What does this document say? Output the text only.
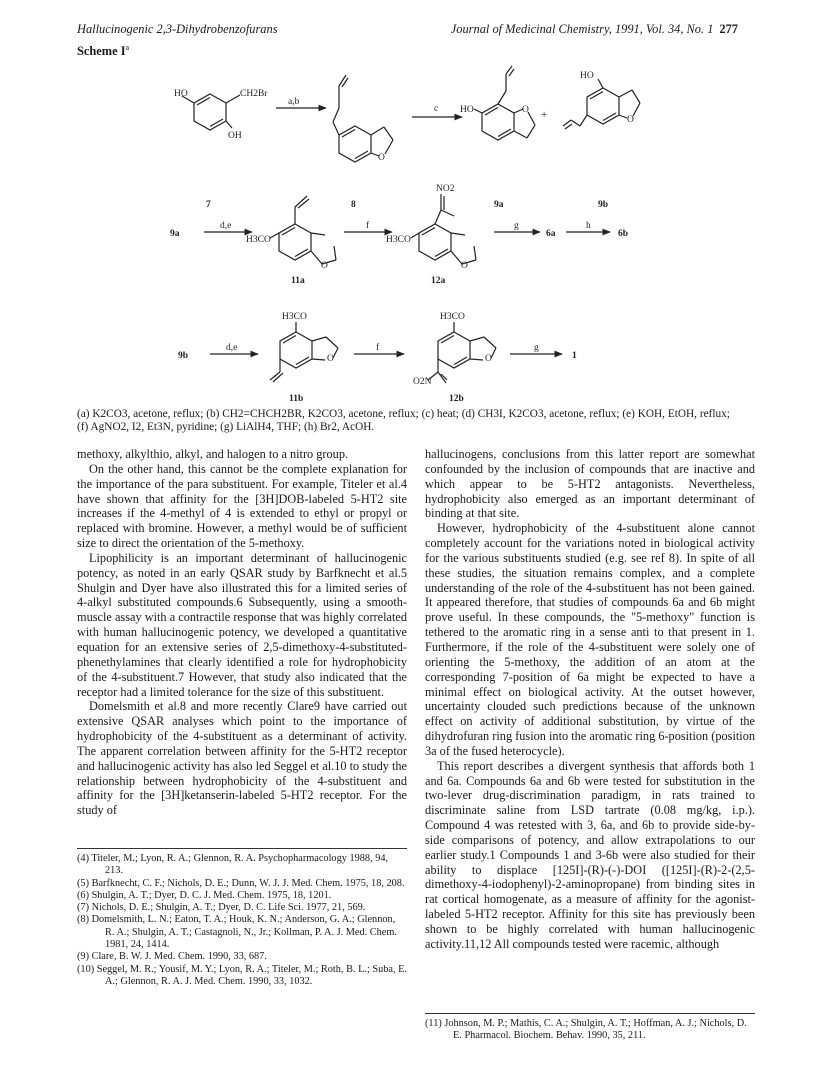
Hallucinogenic 2,3-Dihydrobenzofurans	Journal of Medicinal Chemistry, 1991, Vol. 34, No. 1 277
Scheme $I^a$
HO	CH2Br
OH
a,b
O
c HO	O +
HO
O
7	8	9a	9b
9a
d,e
H3CO
O
f
H3CO
NO2
O
g
6a
h
6b
11a	12a
9b
d,e
H3CO
O
f
H3CO
O
O2N
g
1
11b	12b
(a) K2CO3, acetone, reflux; (b) CH2=CHCH2BR, K2CO3, acetone, reflux; (c) heat; (d) CH3I, K2CO3, acetone, reflux; (e) KOH, EtOH, reflux; (f) AgNO2, I2, Et3N, pyridine; (g) LiAlH4, THF; (h) Br2, AcOH.

methoxy, alkylthio, alkyl, and halogen to a nitro group.

On the other hand, this cannot be the complete explanation for the importance of the para substituent. For example, Titeler et al.4 have shown that affinity for the [3H]DOB-labeled 5-HT2 site increases if the 4-methyl of 4 is extended to ethyl or propyl or replaced with bromine. However, a methyl would be of sufficient size to direct the orientation of the 5-methoxy.

Lipophilicity is an important determinant of hallucinogenic potency, as noted in an early QSAR study by Barfknecht et al.5 Shulgin and Dyer have also illustrated this for a limited series of 4-alkyl substituted compounds.6 Subsequently, using a smooth-muscle assay with a contractile response that was highly correlated with human hallucinogenic potency, we developed a quantitative equation for an extensive series of 2,5-dimethoxy-4-substituted-phenethylamines that clearly identified a role for hydrophobicity of the 4-substituent.7 However, that study also indicated that the receptor had a limited tolerance for the size of this substituent.

Domelsmith et al.8 and more recently Clare9 have carried out extensive QSAR analyses which point to the importance of hydrophobicity of the 4-substituent as a determinant of activity. The apparent correlation between affinity for the 5-HT2 receptor and hallucinogenic activity has also led Seggel et al.10 to study the relationship between hydrophobicity of the 4-substituent and affinity for the [3H]ketanserin-labeled 5-HT2 receptor. For the study of

hallucinogens, conclusions from this latter report are somewhat confounded by the inclusion of compounds that are inactive and which appear to be 5-HT2 antagonists. Nevertheless, hydrophobicity also emerged as an important determinant of binding at that site.

However, hydrophobicity of the 4-substituent alone cannot completely account for the variations noted in biological activity for the various substituents studied (e.g. see ref 8). In spite of all these studies, the situation remains complex, and a complete understanding of the role of the 4-substituent has not been gained. It appeared therefore, that studies of compounds 6a and 6b might prove useful. In these compounds, the "5-methoxy" function is tethered to the aromatic ring in a sense anti to that present in 1. Furthermore, if the role of the 4-substituent were solely one of orienting the 5-methoxy, the addition of an atom at the corresponding 7-position of 6a might be expected to have a minimal effect on biological activity. At the outset however, uncertainty clouded such predictions because of the unknown effect on activity of additional substitution, by virtue of the dihydrofuran ring fusion into the aromatic ring 6-position (position 3a of the fused heterocycle).

This report describes a divergent synthesis that affords both 1 and 6a. Compounds 6a and 6b were tested for substitution in the two-lever drug-discrimination paradigm, in rats trained to discriminate saline from LSD tartrate (0.08 mg/kg, i.p.). Compound 4 was retested with 3, 6a, and 6b to provide side-by-side comparisons of potency, and allow extrapolations to our earlier study.1 Compounds 1 and 3-6b were also studied for their ability to displace [125I]-(R)-(-)-DOI ([125I]-(R)-2-(2,5-dimethoxy-4-iodophenyl)-2-aminopropane) from binding sites in rat cortical homogenate, as a measure of affinity for the agonist-labeled 5-HT2 receptor. Affinity for this site has previously been shown to be highly correlated with human hallucinogenic activity.11,12 All compounds tested were racemic, although

(4) Titeler, M.; Lyon, R. A.; Glennon, R. A. Psychopharmacology 1988, 94, 213.
(5) Barfknecht, C. F.; Nichols, D. E.; Dunn, W. J. J. Med. Chem. 1975, 18, 208.
(6) Shulgin, A. T.; Dyer, D. C. J. Med. Chem. 1975, 18, 1201.
(7) Nichols, D. E.; Shulgin, A. T.; Dyer, D. C. Life Sci. 1977, 21, 569.
(8) Domelsmith, L. N.; Eaton, T. A.; Houk, K. N.; Anderson, G. A.; Glennon, R. A.; Shulgin, A. T.; Castagnoli, N., Jr.; Kollman, P. A. J. Med. Chem. 1981, 24, 1414.
(9) Clare, B. W. J. Med. Chem. 1990, 33, 687.
(10) Seggel, M. R.; Yousif, M. Y.; Lyon, R. A.; Titeler, M.; Roth, B. L.; Suba, E. A.; Glennon, R. A. J. Med. Chem. 1990, 33, 1032.
(11) Johnson, M. P.; Mathis, C. A.; Shulgin, A. T.; Hoffman, A. J.; Nichols, D. E. Pharmacol. Biochem. Behav. 1990, 35, 211.
